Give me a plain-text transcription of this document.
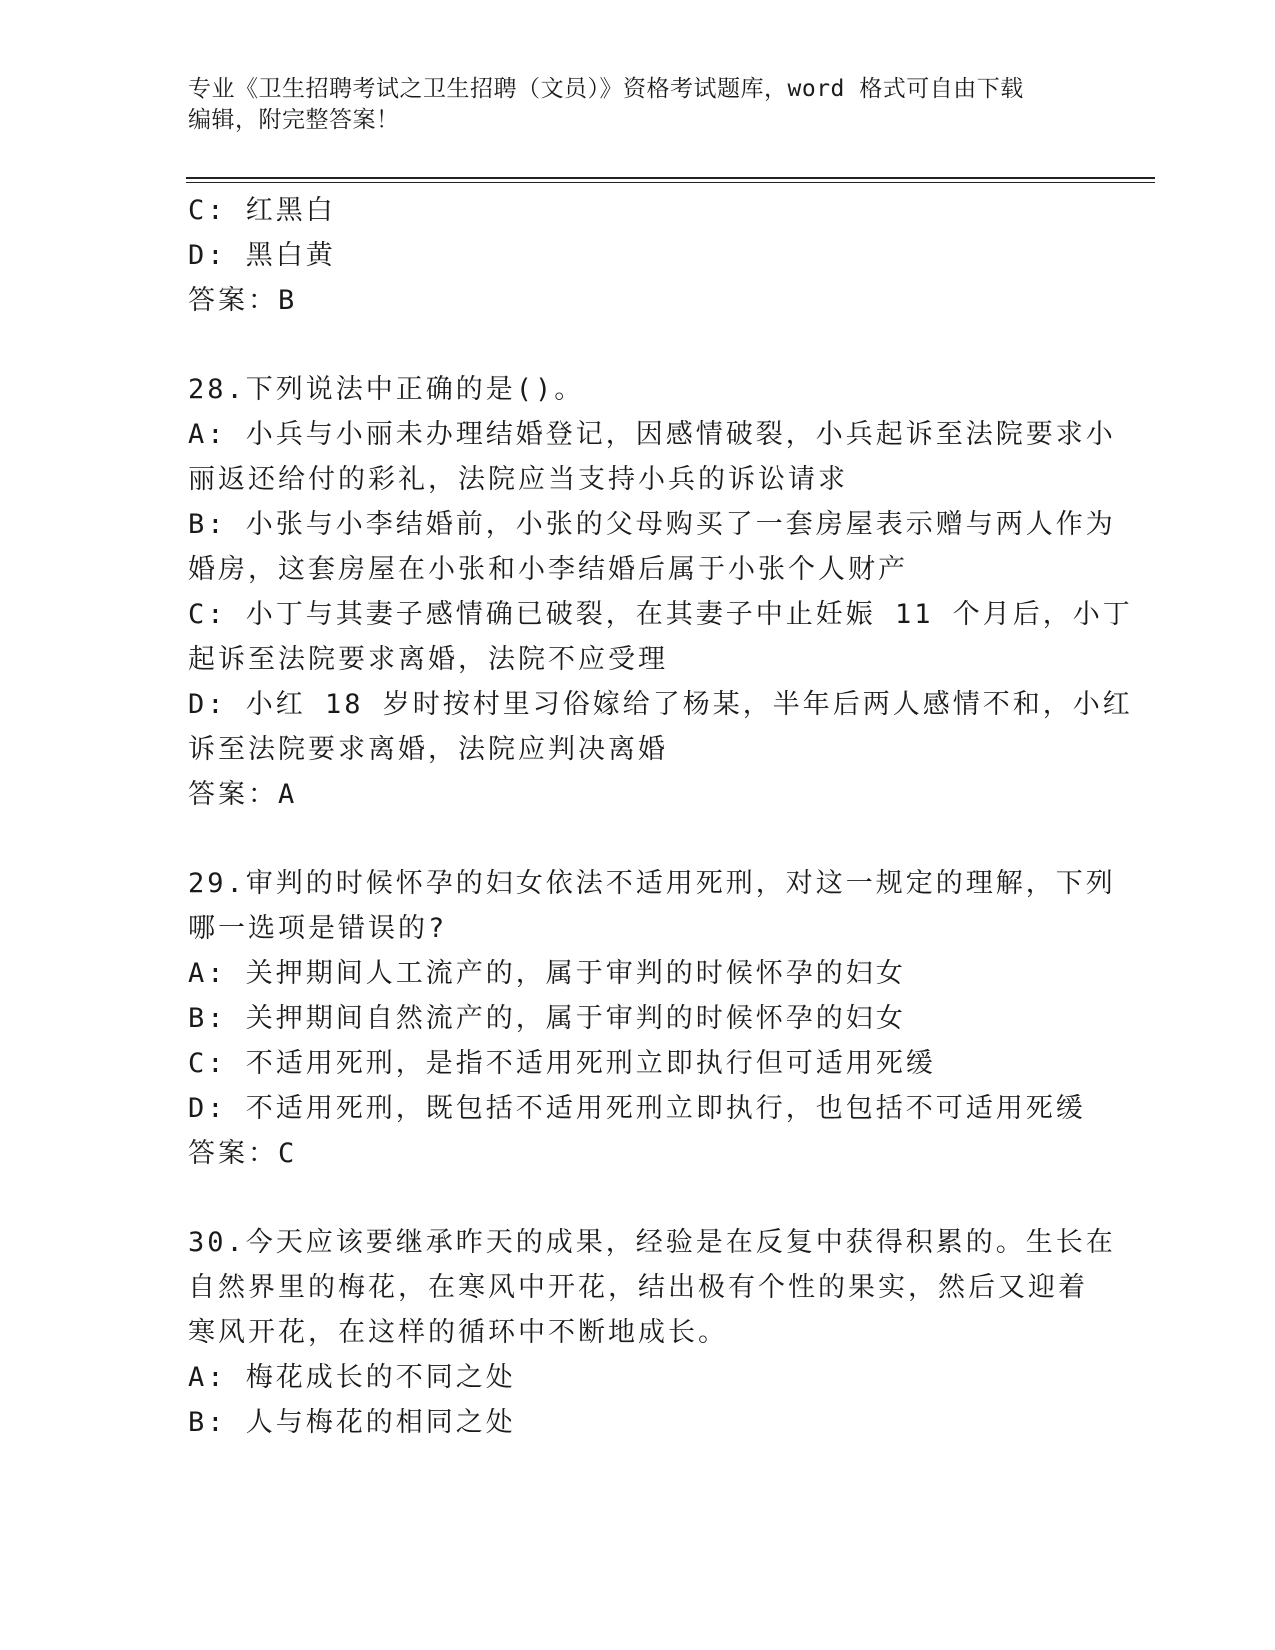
专业《卫生招聘考试之卫生招聘（文员）》资格考试题库，word 格式可自由下载
编辑，附完整答案！
C: 红黑白
D: 黑白黄
答案：B
28.下列说法中正确的是()。
A: 小兵与小丽未办理结婚登记，因感情破裂，小兵起诉至法院要求小
丽返还给付的彩礼，法院应当支持小兵的诉讼请求
B: 小张与小李结婚前，小张的父母购买了一套房屋表示赠与两人作为
婚房，这套房屋在小张和小李结婚后属于小张个人财产
C: 小丁与其妻子感情确已破裂，在其妻子中止妊娠 11 个月后，小丁
起诉至法院要求离婚，法院不应受理
D: 小红 18 岁时按村里习俗嫁给了杨某，半年后两人感情不和，小红
诉至法院要求离婚，法院应判决离婚
答案：A
29.审判的时候怀孕的妇女依法不适用死刑，对这一规定的理解，下列
哪一选项是错误的?
A: 关押期间人工流产的，属于审判的时候怀孕的妇女
B: 关押期间自然流产的，属于审判的时候怀孕的妇女
C: 不适用死刑，是指不适用死刑立即执行但可适用死缓
D: 不适用死刑，既包括不适用死刑立即执行，也包括不可适用死缓
答案：C
30.今天应该要继承昨天的成果，经验是在反复中获得积累的。生长在
自然界里的梅花，在寒风中开花，结出极有个性的果实，然后又迎着
寒风开花，在这样的循环中不断地成长。
A: 梅花成长的不同之处
B: 人与梅花的相同之处
